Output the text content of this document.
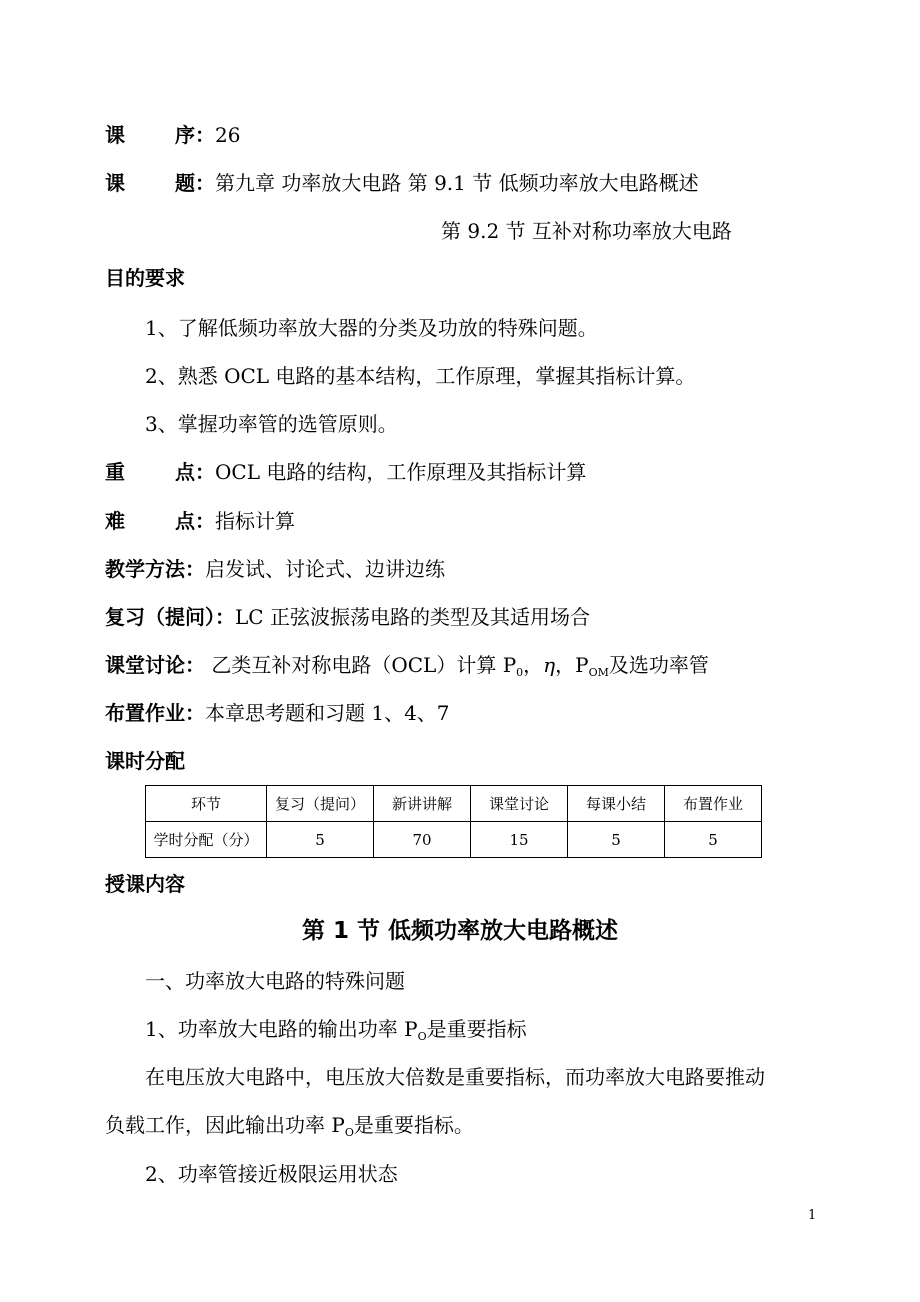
课	序：26
课	题：第九章 功率放大电路 第 9.1 节 低频功率放大电路概述
第 9.2 节 互补对称功率放大电路
目的要求
1、了解低频功率放大器的分类及功放的特殊问题。
2、熟悉 OCL 电路的基本结构，工作原理，掌握其指标计算。
3、掌握功率管的选管原则。
重	点：OCL 电路的结构，工作原理及其指标计算
难	点：指标计算
教学方法：启发试、讨论式、边讲边练
复习（提问）：LC 正弦波振荡电路的类型及其适用场合
课堂讨论： 乙类互补对称电路（OCL）计算 $P_0$，η，$P_{OM}$及选功率管
布置作业：本章思考题和习题 1、4、7
课时分配
环节	复习（提问）	新讲讲解	课堂讨论	每课小结	布置作业
学时分配（分）	5	70	15	5	5
授课内容
第 1 节 低频功率放大电路概述
一、功率放大电路的特殊问题
1、功率放大电路的输出功率 $P_O$是重要指标
在电压放大电路中，电压放大倍数是重要指标，而功率放大电路要推动
负载工作，因此输出功率 $P_O$是重要指标。
2、功率管接近极限运用状态
1
